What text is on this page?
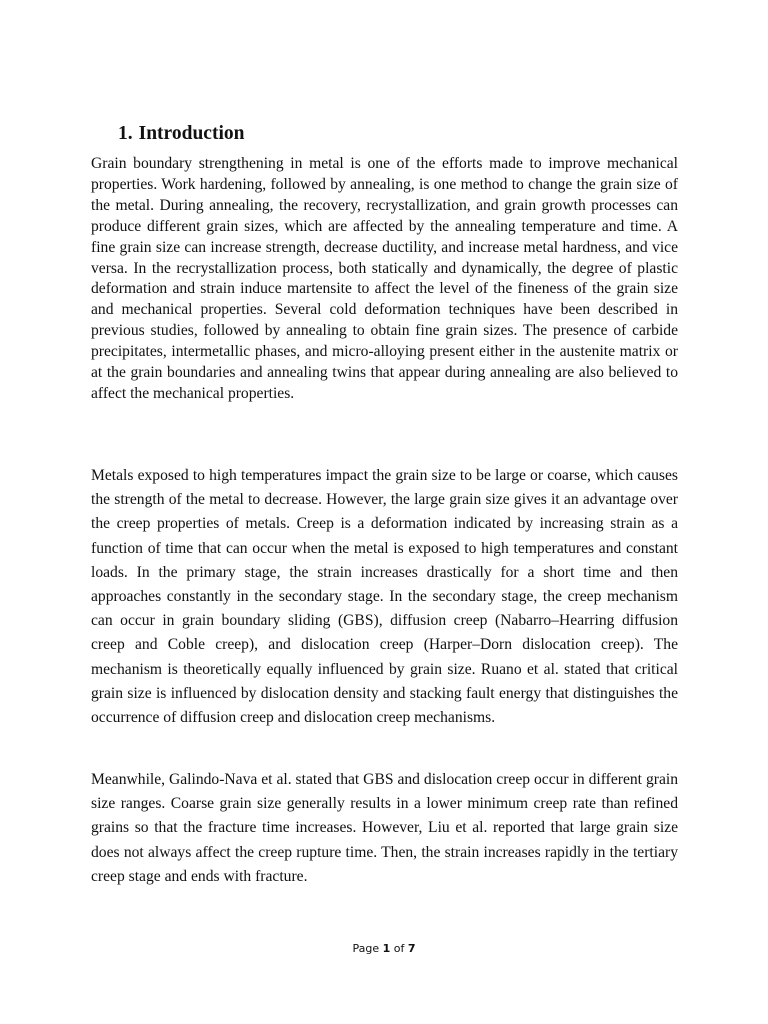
1. Introduction

Grain boundary strengthening in metal is one of the efforts made to improve mechanical properties. Work hardening, followed by annealing, is one method to change the grain size of the metal. During annealing, the recovery, recrystallization, and grain growth processes can produce different grain sizes, which are affected by the annealing temperature and time. A fine grain size can increase strength, decrease ductility, and increase metal hardness, and vice versa. In the recrystallization process, both statically and dynamically, the degree of plastic deformation and strain induce martensite to affect the level of the fineness of the grain size and mechanical properties. Several cold deformation techniques have been described in previous studies, followed by annealing to obtain fine grain sizes. The presence of carbide precipitates, intermetallic phases, and micro-alloying present either in the austenite matrix or at the grain boundaries and annealing twins that appear during annealing are also believed to affect the mechanical properties.

Metals exposed to high temperatures impact the grain size to be large or coarse, which causes the strength of the metal to decrease. However, the large grain size gives it an advantage over the creep properties of metals. Creep is a deformation indicated by increasing strain as a function of time that can occur when the metal is exposed to high temperatures and constant loads. In the primary stage, the strain increases drastically for a short time and then approaches constantly in the secondary stage. In the secondary stage, the creep mechanism can occur in grain boundary sliding (GBS), diffusion creep (Nabarro–Hearring diffusion creep and Coble creep), and dislocation creep (Harper–Dorn dislocation creep). The mechanism is theoretically equally influenced by grain size. Ruano et al. stated that critical grain size is influenced by dislocation density and stacking fault energy that distinguishes the occurrence of diffusion creep and dislocation creep mechanisms.

Meanwhile, Galindo-Nava et al. stated that GBS and dislocation creep occur in different grain size ranges. Coarse grain size generally results in a lower minimum creep rate than refined grains so that the fracture time increases. However, Liu et al. reported that large grain size does not always affect the creep rupture time. Then, the strain increases rapidly in the tertiary creep stage and ends with fracture.

Page 1 of 7
